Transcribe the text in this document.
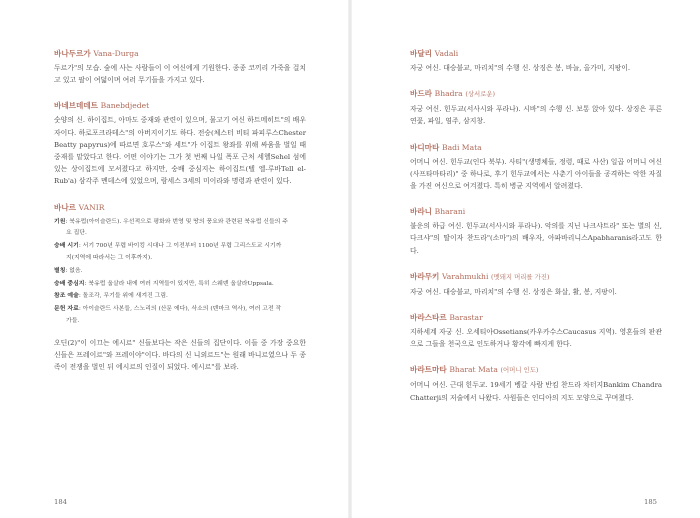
바나두르가 Vana-Durga

두르가"의 모습. 숲에 사는 사람들이 이 여신에게 기원한다. 종종 코끼리 가죽을 걸치고 있고 팔이 여덟이며 여러 무기들을 가지고 있다.

바네브데데트 Banebdjedet

숫양의 신. 하이집트, 아마도 중재와 관련이 있으며, 물고기 여신 하트메히트"의 배우자이다. 하로포크라테스"의 아버지이기도 하다. 전승(체스터 비티 파피루스Chester Beatty papyrus)에 따르면 호루스"와 세트"가 이집트 왕좌를 위해 싸움을 벌일 때 중재를 맡았다고 한다. 어떤 이야기는 그가 첫 번째 나일 폭포 근처 세헬Sehel 섬에 있는 상이집트에 모셔졌다고 하지만, 숭배 중심지는 하이집트(텔 엘-루바Tell el-Rub'a) 삼각주 멘데스에 있었으며, 람세스 3세의 미이라와 명령과 관련이 있다.

바나르 VANIR

기원: 북유럽(아이슬란드). 우선적으로 평화와 번영 및 땅의 풍요와 관련된 북유럽 신들의 주
요 집단.
숭배 시기: 서기 700년 무렵 바이킹 시대나 그 이전부터 1100년 무렵 그리스도교 시기까
지(지역에 따라서는 그 이후까지).
별칭: 없음.
숭배 중심지: 북유럽 웁살라 내에 여러 지역들이 있지만, 특히 스웨덴 웁살라Uppsala.
참조 예술: 돌조각, 무기들 위에 새겨진 그림.
문헌 자료: 아이슬란드 사본들, 스노리의 (산문 에다), 삭소의 (덴마크 역사), 여러 고전 작
가들.

오딘(2)"이 이끄는 에시르" 신들보다는 작은 신들의 집단이다. 이들 중 가장 중요한 신들은 프레이르"와 프레이야"이다. 바다의 신 니외르드"는 원래 바니르였으나 두 종족이 전쟁을 벌인 뒤 에시르의 인질이 되었다. 에시르"를 보라.

184

바달리 Vadali

자궁 여신. 대승불교, 마리치"의 수행 신. 상징은 봉, 바늘, 올가미, 지팡이.

바드라 Bhadra (상서로운)

자궁 여신. 힌두교(서사시와 푸라나). 시바"의 수행 신. 보통 앉아 있다. 상징은 푸른 연꽃, 파일, 염주, 삼지창.

바디마타 Badi Mata

어머니 여신. 힌두교(인다 북부). 사티"(생명체들, 정령, 때로 사산) 일곱 어머니 여신(사프타마타리)" 중 하나로, 후기 힌두교에서는 사춘기 아이들을 공격하는 악한 자질을 가진 여신으로 여겨졌다. 특히 병균 지역에서 알려졌다.

바라니 Bharani

불운의 하급 여신. 힌두교(서사시와 푸라나). 악의를 지닌 나크샤트라" 또는 별의 신, 다크샤"의 딸이자 찬드라"(소마")의 배우자, 아파바리니스Apabharanis라고도 한다.

바라무키 Varahmukhi (멧돼지 머리를 가진)

자궁 여신. 대승불교, 마리치"의 수행 신. 상징은 화살, 활, 봉, 지팡이.

바라스타르 Barastar

지하세계 자궁 신. 오세티아Ossetians(카우카수스Caucasus 지역). 영혼들의 판관으로 그들을 천국으로 인도하거나 황각에 빠지게 한다.

바라트마타 Bharat Mata (어머니 인도)

어머니 여신. 근대 힌두교. 19세기 벵갈 사람 반킴 찬드라 차터지Bankim Chandra Chatterji의 저술에서 나왔다. 사원들은 인디아의 지도 모양으로 꾸며졌다.

185
